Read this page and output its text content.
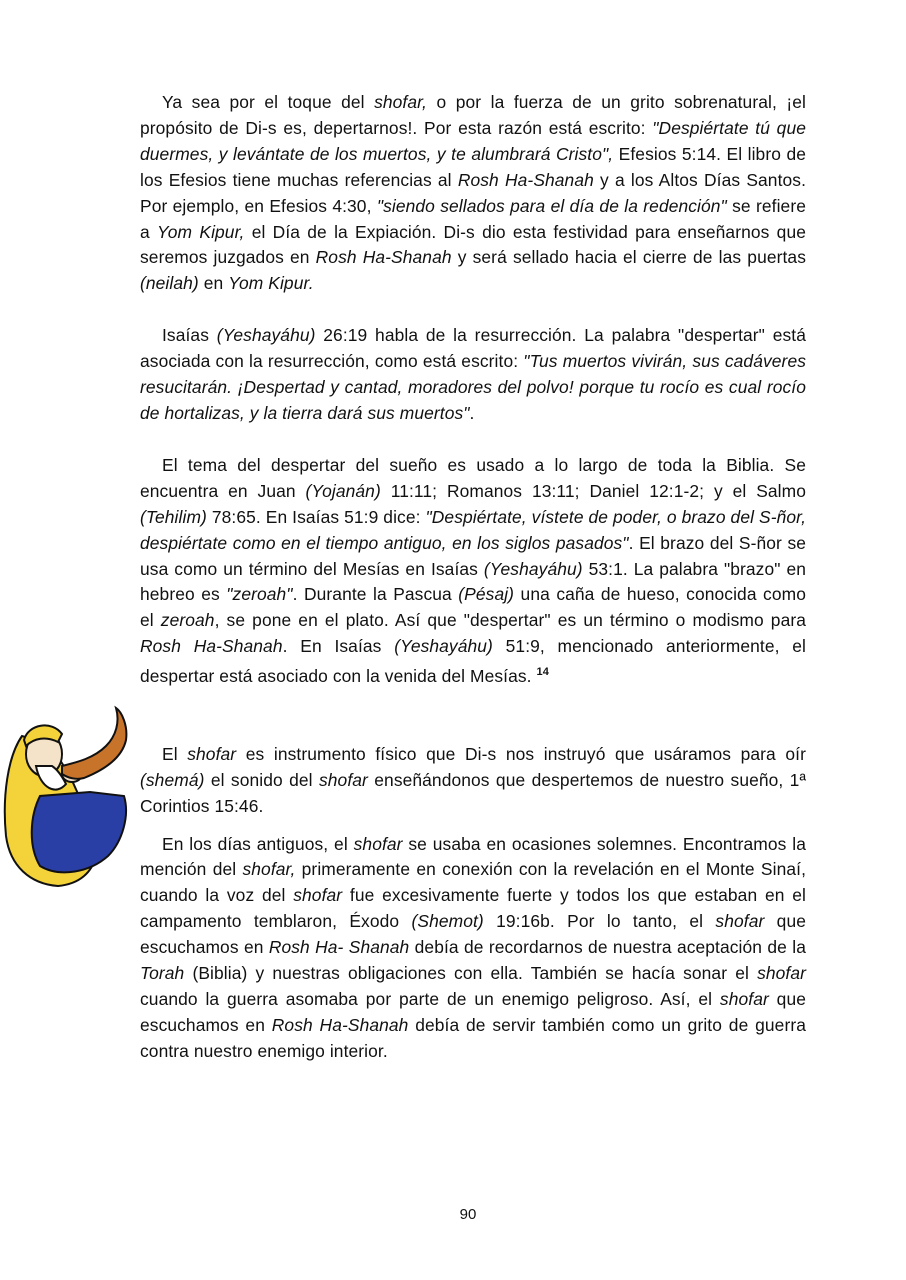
Ya sea por el toque del shofar, o por la fuerza de un grito sobrenatural, ¡el propósito de Di-s es, depertarnos!. Por esta razón está escrito: "Despiértate tú que duermes, y levántate de los muertos, y te alumbrará Cristo", Efesios 5:14. El libro de los Efesios tiene muchas referencias al Rosh Ha-Shanah y a los Altos Días Santos. Por ejemplo, en Efesios 4:30, "siendo sellados para el día de la redención" se refiere a Yom Kipur, el Día de la Expiación. Di-s dio esta festividad para enseñarnos que seremos juzgados en Rosh Ha-Shanah y será sellado hacia el cierre de las puertas (neilah) en Yom Kipur.

Isaías (Yeshayáhu) 26:19 habla de la resurrección. La palabra "despertar" está asociada con la resurrección, como está escrito: "Tus muertos vivirán, sus cadáveres resucitarán. ¡Despertad y cantad, moradores del polvo! porque tu rocío es cual rocío de hortalizas, y la tierra dará sus muertos".

El tema del despertar del sueño es usado a lo largo de toda la Biblia. Se encuentra en Juan (Yojanán) 11:11; Romanos 13:11; Daniel 12:1-2; y el Salmo (Tehilim) 78:65. En Isaías 51:9 dice: "Despiértate, vístete de poder, o brazo del S-ñor, despiértate como en el tiempo antiguo, en los siglos pasados". El brazo del S-ñor se usa como un término del Mesías en Isaías (Yeshayáhu) 53:1. La palabra "brazo" en hebreo es "zeroah". Durante la Pascua (Pésaj) una caña de hueso, conocida como el zeroah, se pone en el plato. Así que "despertar" es un término o modismo para Rosh Ha-Shanah. En Isaías (Yeshayáhu) 51:9, mencionado anteriormente, el despertar está asociado con la venida del Mesías. $^{14}$

El shofar es instrumento físico que Di-s nos instruyó que usáramos para oír (shemá) el sonido del shofar enseñándonos que despertemos de nuestro sueño, 1ª Corintios 15:46.

En los días antiguos, el shofar se usaba en ocasiones solemnes. Encontramos la mención del shofar, primeramente en conexión con la revelación en el Monte Sinaí, cuando la voz del shofar fue excesivamente fuerte y todos los que estaban en el campamento temblaron, Éxodo (Shemot) 19:16b. Por lo tanto, el shofar que escuchamos en Rosh Ha- Shanah debía de recordarnos de nuestra aceptación de la Torah (Biblia) y nuestras obligaciones con ella. También se hacía sonar el shofar cuando la guerra asomaba por parte de un enemigo peligroso. Así, el shofar que escuchamos en Rosh Ha-Shanah debía de servir también como un grito de guerra contra nuestro enemigo interior.

90
